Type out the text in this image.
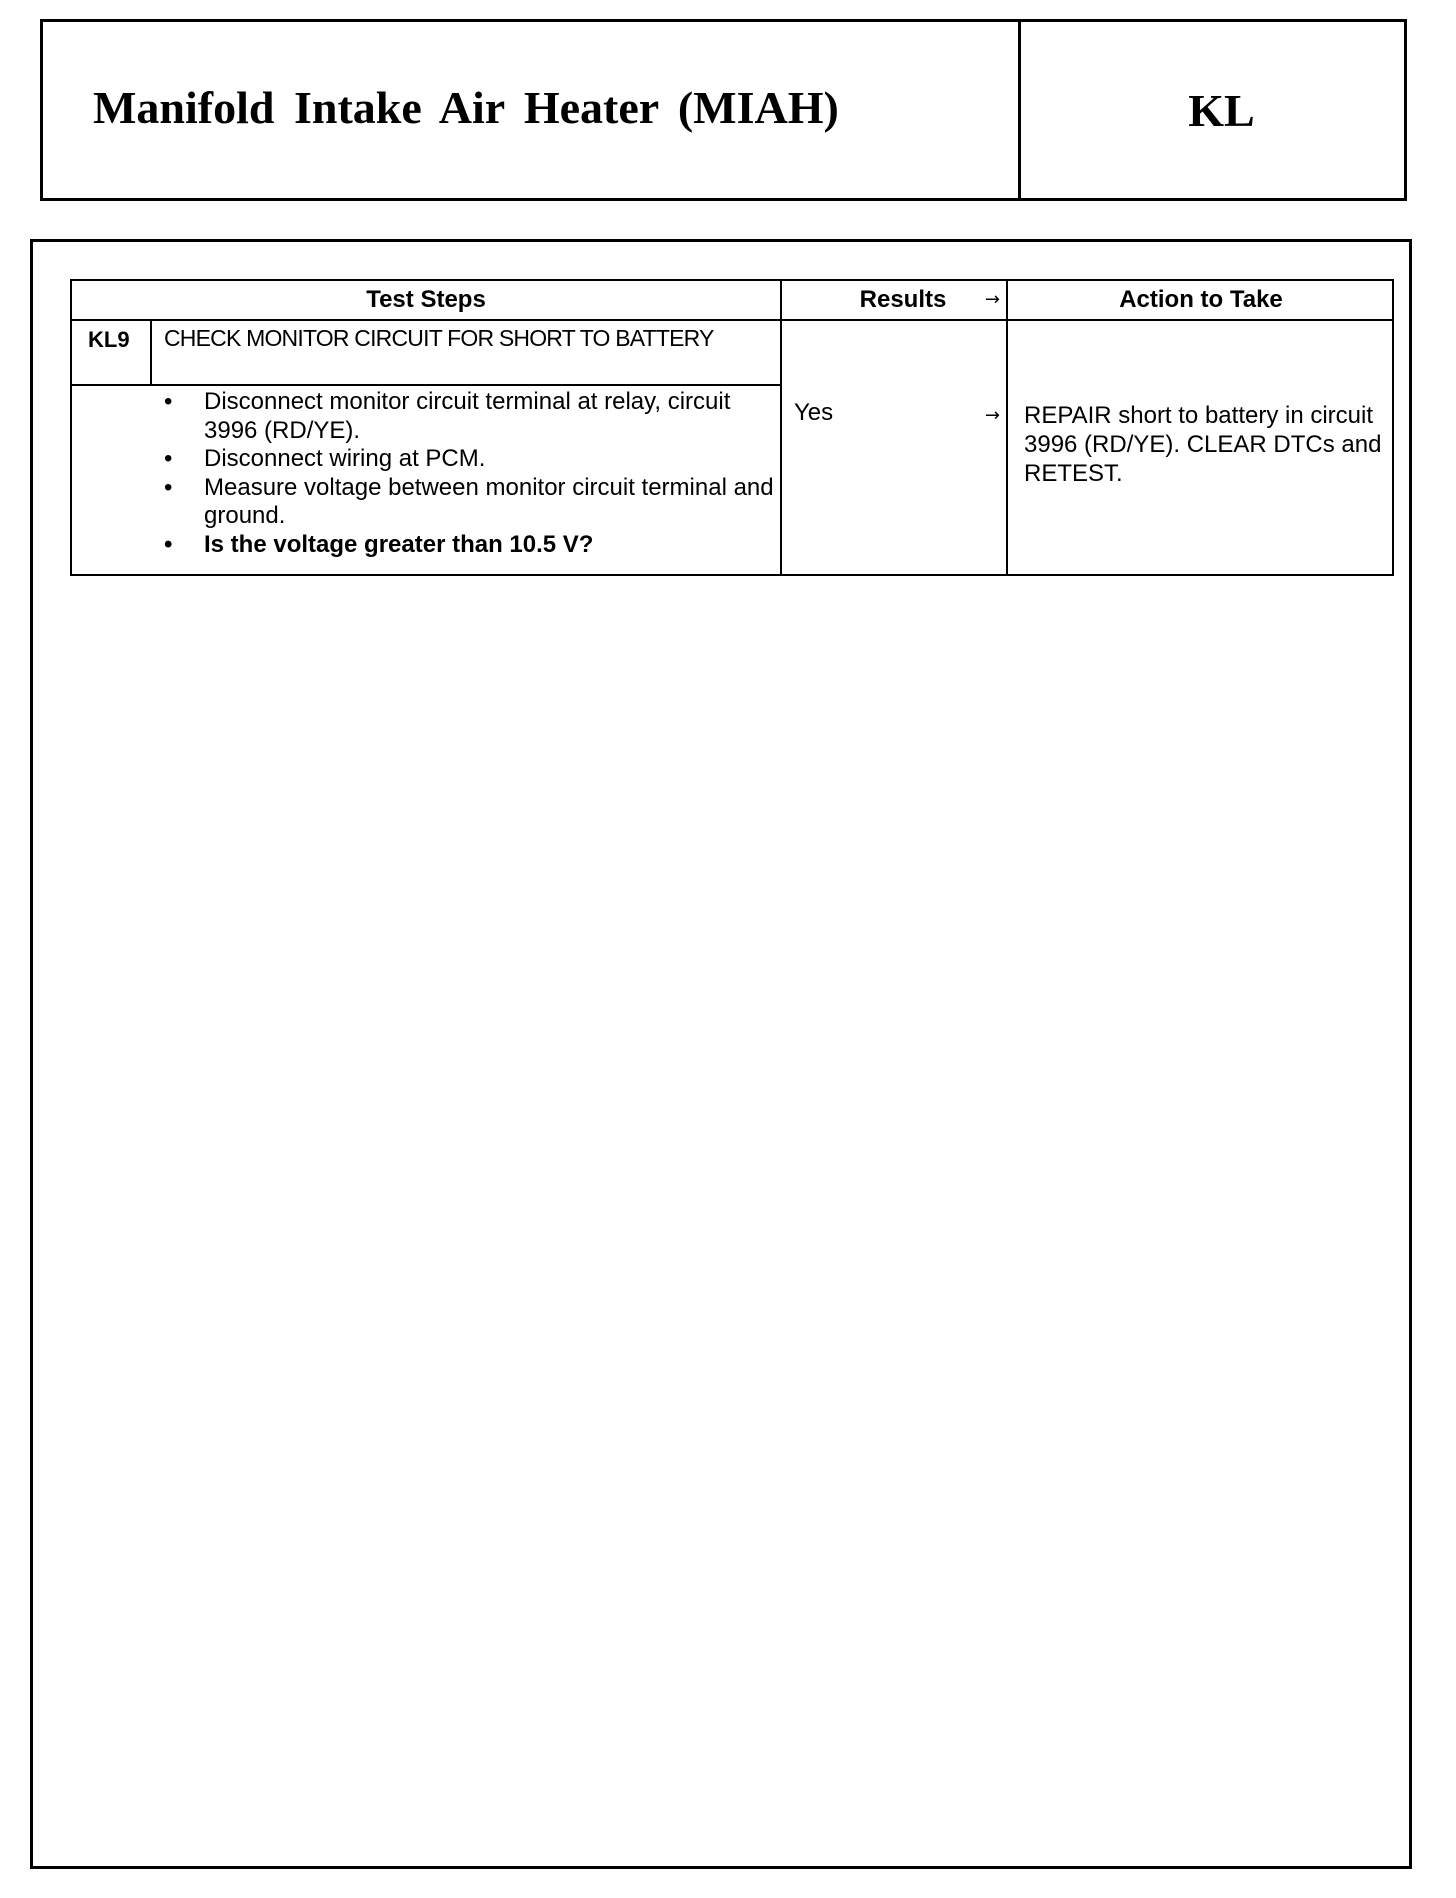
Manifold Intake Air Heater (MIAH)	KL
Test Steps	Results →	Action to Take
KL9	CHECK MONITOR CIRCUIT FOR SHORT TO BATTERY
• Disconnect monitor circuit terminal at relay, circuit 3996 (RD/YE).
• Disconnect wiring at PCM.
• Measure voltage between monitor circuit terminal and ground.
• Is the voltage greater than 10.5 V?
Yes	→ REPAIR short to battery in circuit 3996 (RD/YE). CLEAR DTCs and RETEST.
